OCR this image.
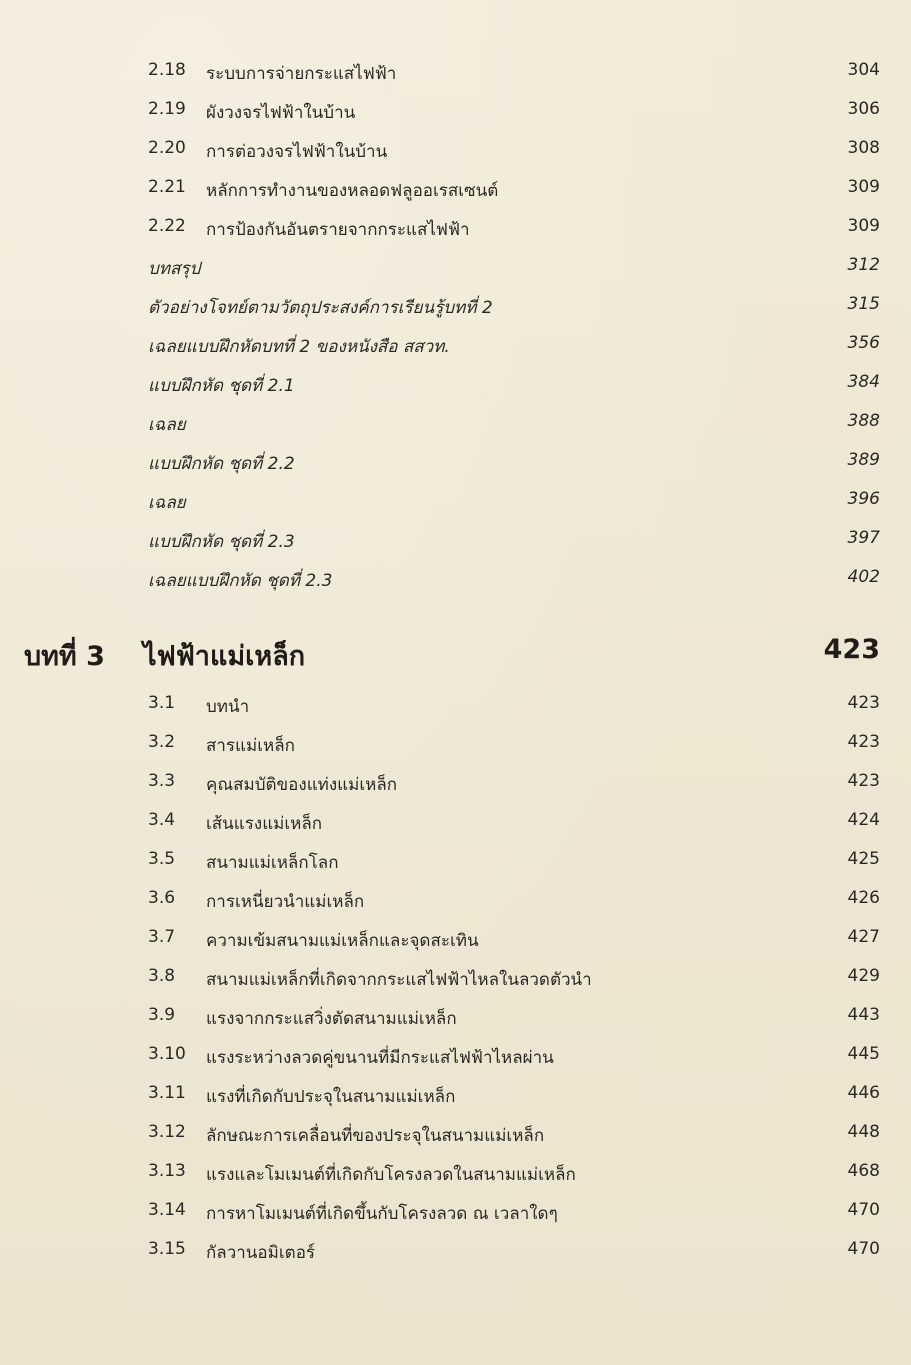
2.18 ระบบการจ่ายกระแสไฟฟ้า	304
2.19 ผังวงจรไฟฟ้าในบ้าน	306
2.20 การต่อวงจรไฟฟ้าในบ้าน	308
2.21 หลักการทำงานของหลอดฟลูออเรสเซนต์	309
2.22 การป้องกันอันตรายจากกระแสไฟฟ้า	309
บทสรุป	312
ตัวอย่างโจทย์ตามวัตถุประสงค์การเรียนรู้บทที่ 2	315
เฉลยแบบฝึกหัดบทที่ 2 ของหนังสือ สสวท.	356
แบบฝึกหัด ชุดที่ 2.1	384
เฉลย	388
แบบฝึกหัด ชุดที่ 2.2	389
เฉลย	396
แบบฝึกหัด ชุดที่ 2.3	397
เฉลยแบบฝึกหัด ชุดที่ 2.3	402
บทที่ 3 ไฟฟ้าแม่เหล็ก	423
3.1 บทนำ	423
3.2 สารแม่เหล็ก	423
3.3 คุณสมบัติของแท่งแม่เหล็ก	423
3.4 เส้นแรงแม่เหล็ก	424
3.5 สนามแม่เหล็กโลก	425
3.6 การเหนี่ยวนำแม่เหล็ก	426
3.7 ความเข้มสนามแม่เหล็กและจุดสะเทิน	427
3.8 สนามแม่เหล็กที่เกิดจากกระแสไฟฟ้าไหลในลวดตัวนำ	429
3.9 แรงจากกระแสวิ่งตัดสนามแม่เหล็ก	443
3.10 แรงระหว่างลวดคู่ขนานที่มีกระแสไฟฟ้าไหลผ่าน	445
3.11 แรงที่เกิดกับประจุในสนามแม่เหล็ก	446
3.12 ลักษณะการเคลื่อนที่ของประจุในสนามแม่เหล็ก	448
3.13 แรงและโมเมนต์ที่เกิดกับโครงลวดในสนามแม่เหล็ก	468
3.14 การหาโมเมนต์ที่เกิดขึ้นกับโครงลวด ณ เวลาใดๆ	470
3.15 กัลวานอมิเตอร์	470
